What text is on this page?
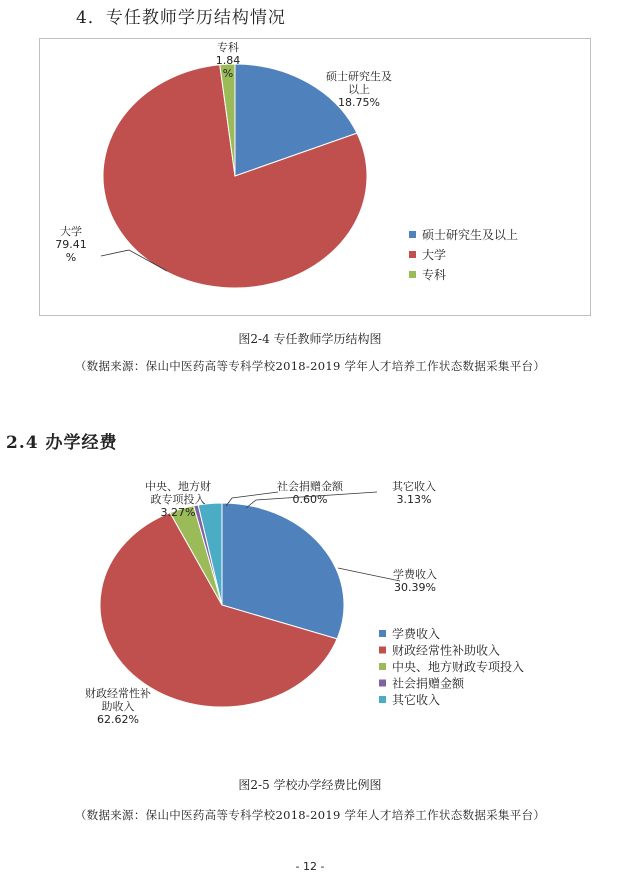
4．专任教师学历结构情况
硕士研究生及以上 18.75%
大学 79.41 %
专科 1.84 %
硕士研究生及以上
大学
专科
图2-4 专任教师学历结构图
（数据来源：保山中医药高等专科学校2018-2019 学年人才培养工作状态数据采集平台）
2.4 办学经费
学费收入 30.39%
财政经常性补助收入 62.62%
中央、地方财政专项投入 3.27%
社会捐赠金额 0.60%
其它收入 3.13%
学费收入
财政经常性补助收入
中央、地方财政专项投入
社会捐赠金额
其它收入
图2-5 学校办学经费比例图
（数据来源：保山中医药高等专科学校2018-2019 学年人才培养工作状态数据采集平台）
- 12 -
